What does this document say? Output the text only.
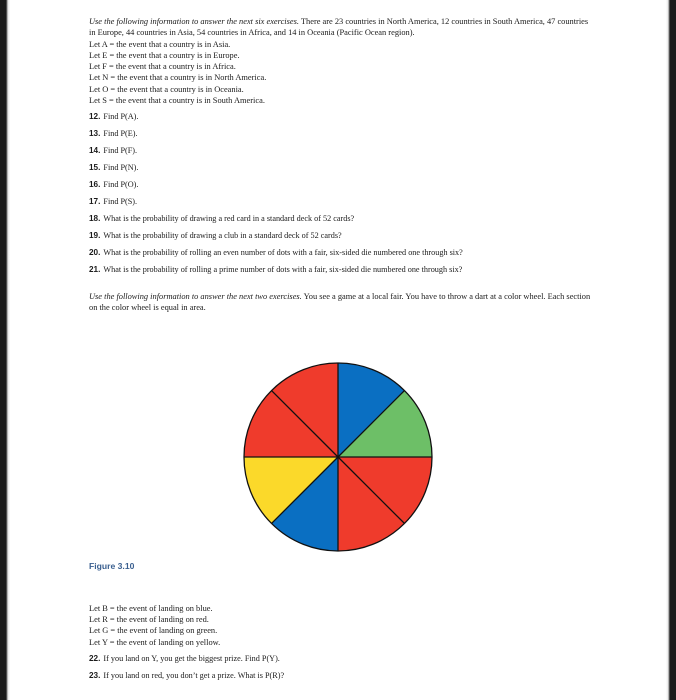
Use the following information to answer the next six exercises. There are 23 countries in North America, 12 countries in South America, 47 countries in Europe, 44 countries in Asia, 54 countries in Africa, and 14 in Oceania (Pacific Ocean region).

Let A = the event that a country is in Asia.
Let E = the event that a country is in Europe.
Let F = the event that a country is in Africa.
Let N = the event that a country is in North America.
Let O = the event that a country is in Oceania.
Let S = the event that a country is in South America.
12. Find P(A).
13. Find P(E).
14. Find P(F).
15. Find P(N).
16. Find P(O).
17. Find P(S).
18. What is the probability of drawing a red card in a standard deck of 52 cards?
19. What is the probability of drawing a club in a standard deck of 52 cards?
20. What is the probability of rolling an even number of dots with a fair, six-sided die numbered one through six?
21. What is the probability of rolling a prime number of dots with a fair, six-sided die numbered one through six?

Use the following information to answer the next two exercises. You see a game at a local fair. You have to throw a dart at a color wheel. Each section on the color wheel is equal in area.

Figure 3.10
Let B = the event of landing on blue.
Let R = the event of landing on red.
Let G = the event of landing on green.
Let Y = the event of landing on yellow.
22. If you land on Y, you get the biggest prize. Find P(Y).
23. If you land on red, you don’t get a prize. What is P(R)?
